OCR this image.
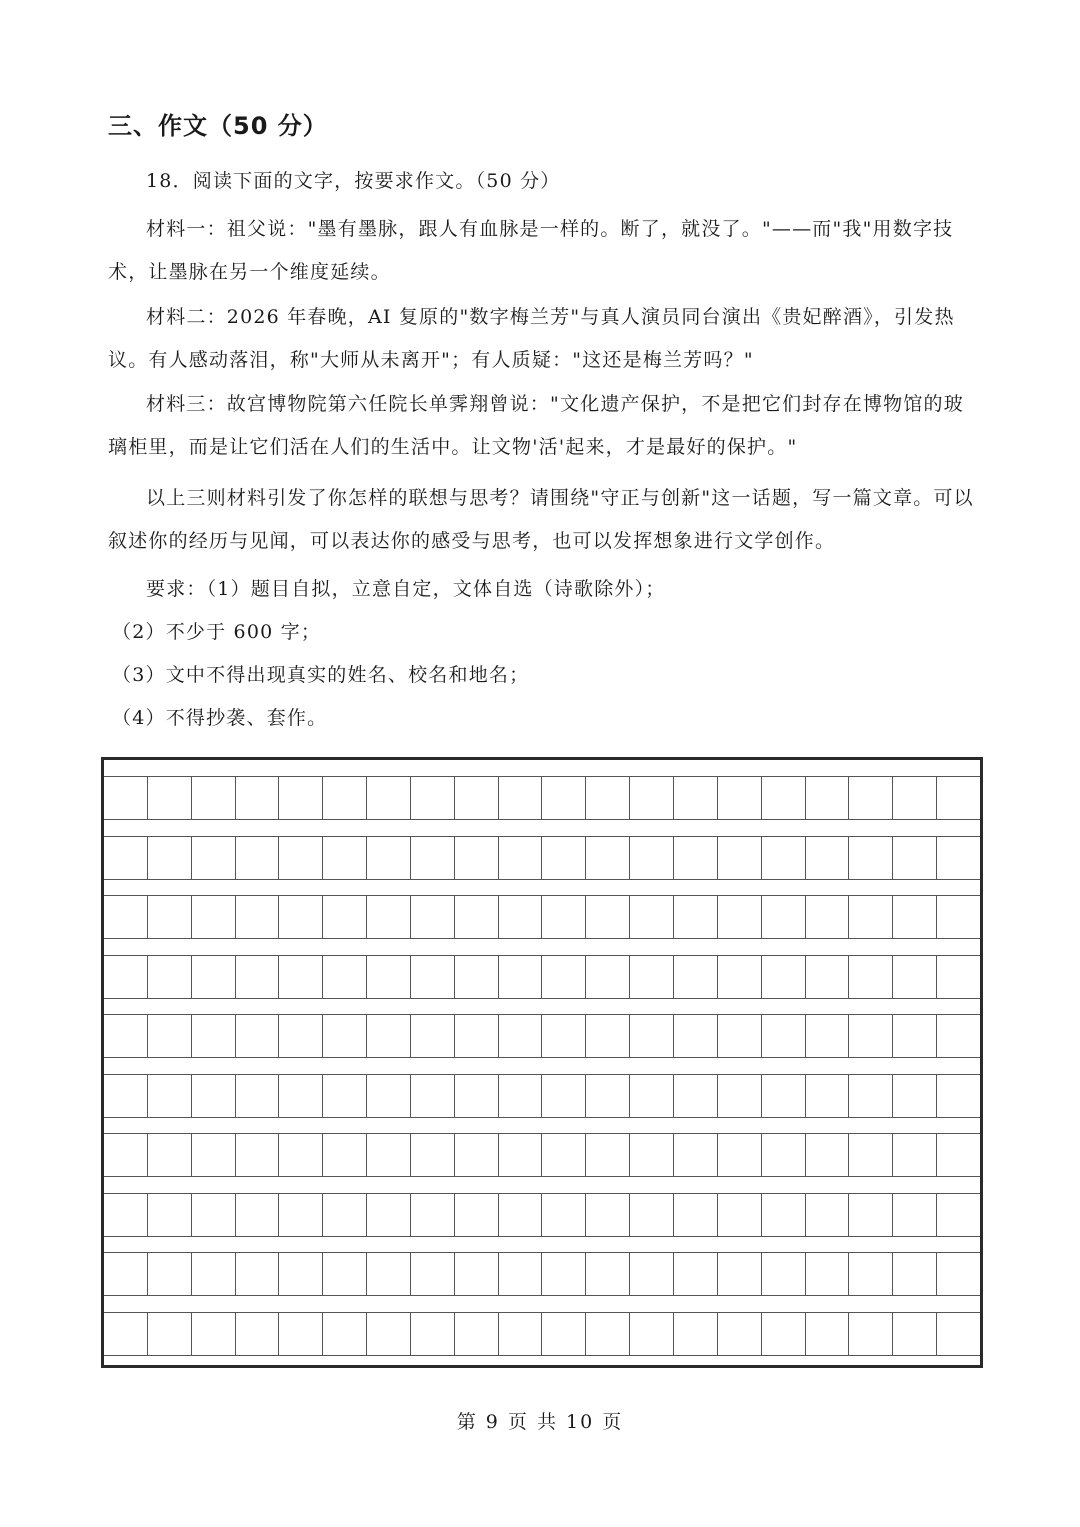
三、作文（50 分）

18．阅读下面的文字，按要求作文。（50 分）

材料一：祖父说："墨有墨脉，跟人有血脉是一样的。断了，就没了。"——而"我"用数字技术，让墨脉在另一个维度延续。

材料二：2026 年春晚，AI 复原的"数字梅兰芳"与真人演员同台演出《贵妃醉酒》，引发热议。有人感动落泪，称"大师从未离开"；有人质疑："这还是梅兰芳吗？"

材料三：故宫博物院第六任院长单霁翔曾说："文化遗产保护，不是把它们封存在博物馆的玻璃柜里，而是让它们活在人们的生活中。让文物'活'起来，才是最好的保护。"

以上三则材料引发了你怎样的联想与思考？请围绕"守正与创新"这一话题，写一篇文章。可以叙述你的经历与见闻，可以表达你的感受与思考，也可以发挥想象进行文学创作。

要求：（1）题目自拟，立意自定，文体自选（诗歌除外）；

（2）不少于 600 字；
（3）文中不得出现真实的姓名、校名和地名；
（4）不得抄袭、套作。
第 9 页 共 10 页
